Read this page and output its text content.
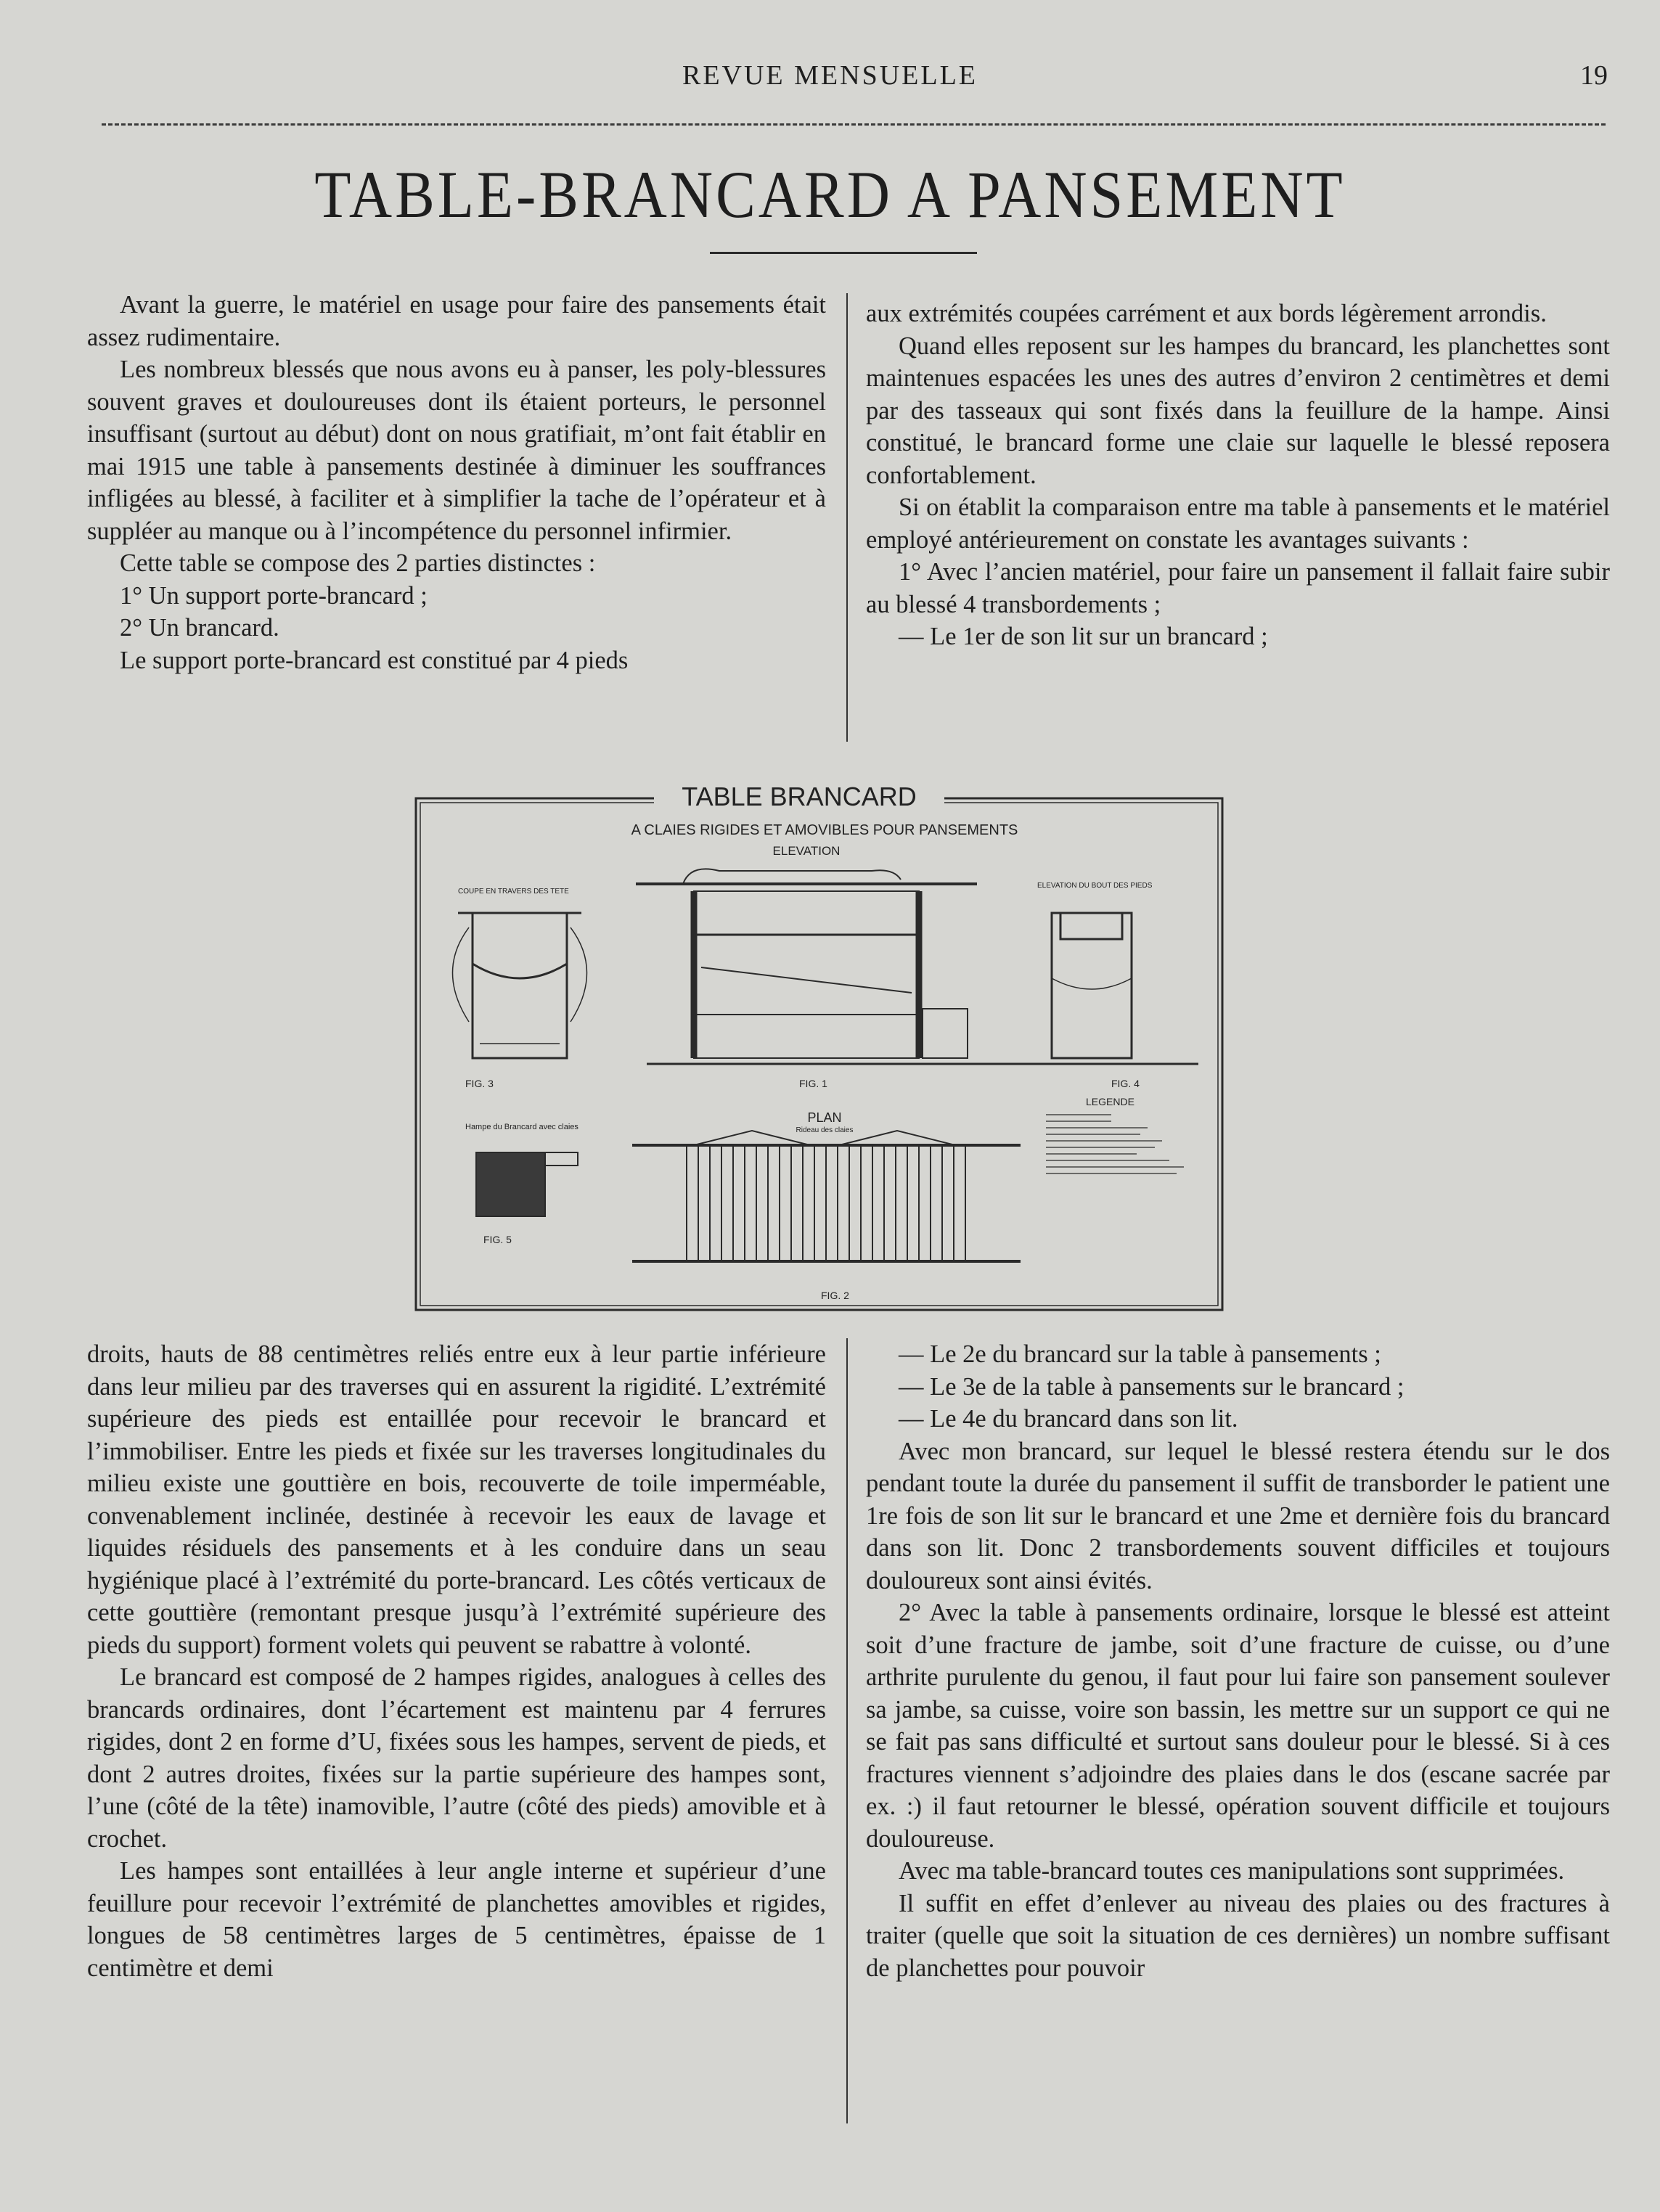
REVUE MENSUELLE	19
TABLE-BRANCARD A PANSEMENT

Avant la guerre, le matériel en usage pour faire des pansements était assez rudimentaire.

Les nombreux blessés que nous avons eu à panser, les poly-blessures souvent graves et douloureuses dont ils étaient porteurs, le personnel insuffisant (surtout au début) dont on nous gratifiait, m’ont fait établir en mai 1915 une table à pansements destinée à diminuer les souffrances infligées au blessé, à faciliter et à simplifier la tache de l’opérateur et à suppléer au manque ou à l’incompétence du personnel infirmier.

Cette table se compose des 2 parties distinctes :

1° Un support porte-brancard ;

2° Un brancard.

Le support porte-brancard est constitué par 4 pieds

aux extrémités coupées carrément et aux bords légèrement arrondis.

Quand elles reposent sur les hampes du brancard, les planchettes sont maintenues espacées les unes des autres d’environ 2 centimètres et demi par des tasseaux qui sont fixés dans la feuillure de la hampe. Ainsi constitué, le brancard forme une claie sur laquelle le blessé reposera confortablement.

Si on établit la comparaison entre ma table à pansements et le matériel employé antérieurement on constate les avantages suivants :

1° Avec l’ancien matériel, pour faire un pansement il fallait faire subir au blessé 4 transbordements ;

— Le 1er de son lit sur un brancard ;

TABLE BRANCARD
A CLAIES RIGIDES ET AMOVIBLES POUR PANSEMENTS
ELEVATION
COUPE EN TRAVERS DES TETE
ELEVATION DU BOUT DES PIEDS
FIG. 3	FIG. 1	FIG. 4
LEGENDE
Hampe du Brancard avec claies
FIG. 5
PLAN
Rideau des claies
FIG. 2

droits, hauts de 88 centimètres reliés entre eux à leur partie inférieure dans leur milieu par des traverses qui en assurent la rigidité. L’extrémité supérieure des pieds est entaillée pour recevoir le brancard et l’immobiliser. Entre les pieds et fixée sur les traverses longitudinales du milieu existe une gouttière en bois, recouverte de toile imperméable, convenablement inclinée, destinée à recevoir les eaux de lavage et liquides résiduels des pansements et à les conduire dans un seau hygiénique placé à l’extrémité du porte-brancard. Les côtés verticaux de cette gouttière (remontant presque jusqu’à l’extrémité supérieure des pieds du support) forment volets qui peuvent se rabattre à volonté.

Le brancard est composé de 2 hampes rigides, analogues à celles des brancards ordinaires, dont l’écartement est maintenu par 4 ferrures rigides, dont 2 en forme d’U, fixées sous les hampes, servent de pieds, et dont 2 autres droites, fixées sur la partie supérieure des hampes sont, l’une (côté de la tête) inamovible, l’autre (côté des pieds) amovible et à crochet.

Les hampes sont entaillées à leur angle interne et supérieur d’une feuillure pour recevoir l’extrémité de planchettes amovibles et rigides, longues de 58 centimètres larges de 5 centimètres, épaisse de 1 centimètre et demi

— Le 2e du brancard sur la table à pansements ;

— Le 3e de la table à pansements sur le brancard ;

— Le 4e du brancard dans son lit.

Avec mon brancard, sur lequel le blessé restera étendu sur le dos pendant toute la durée du pansement il suffit de transborder le patient une 1re fois de son lit sur le brancard et une 2me et dernière fois du brancard dans son lit. Donc 2 transbordements souvent difficiles et toujours douloureux sont ainsi évités.

2° Avec la table à pansements ordinaire, lorsque le blessé est atteint soit d’une fracture de jambe, soit d’une fracture de cuisse, ou d’une arthrite purulente du genou, il faut pour lui faire son pansement soulever sa jambe, sa cuisse, voire son bassin, les mettre sur un support ce qui ne se fait pas sans difficulté et surtout sans douleur pour le blessé. Si à ces fractures viennent s’adjoindre des plaies dans le dos (escane sacrée par ex. :) il faut retourner le blessé, opération souvent difficile et toujours douloureuse.

Avec ma table-brancard toutes ces manipulations sont supprimées.

Il suffit en effet d’enlever au niveau des plaies ou des fractures à traiter (quelle que soit la situation de ces dernières) un nombre suffisant de planchettes pour pouvoir
